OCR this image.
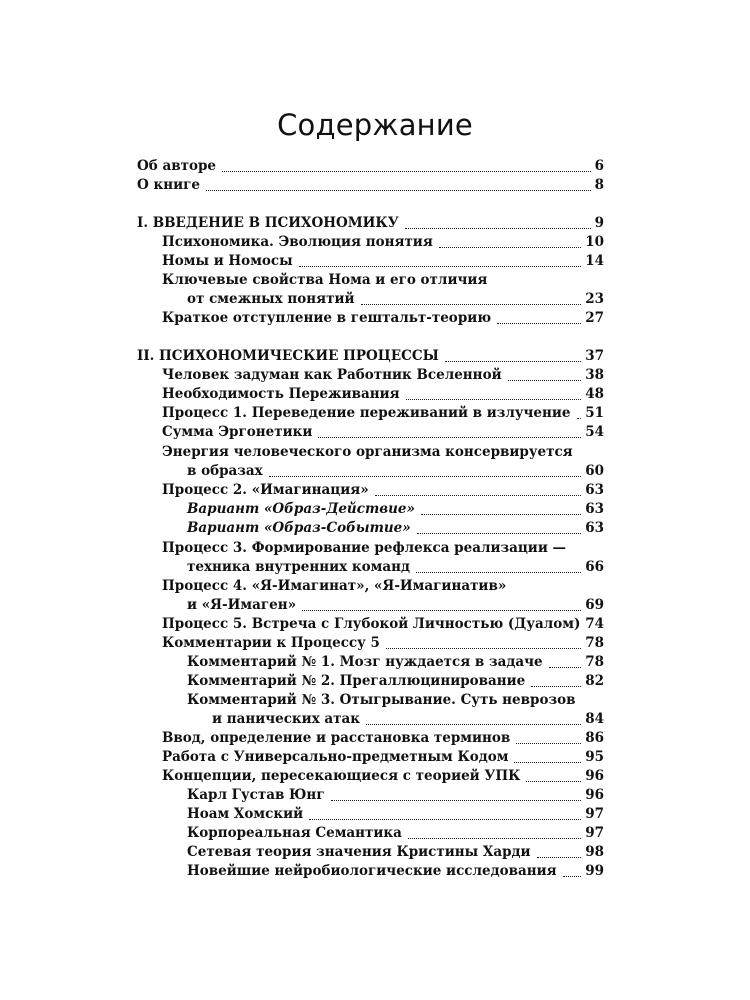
Содержание
Об авторе	6
О книге	8
I. ВВЕДЕНИЕ В ПСИХОНОМИКУ	9
Психономика. Эволюция понятия	10
Номы и Номосы	14
Ключевые свойства Нома и его отличия
от смежных понятий	23
Краткое отступление в гештальт-теорию	27
II. ПСИХОНОМИЧЕСКИЕ ПРОЦЕССЫ	37
Человек задуман как Работник Вселенной	38
Необходимость Переживания	48
Процесс 1. Переведение переживаний в излучение 51
Сумма Эргонетики	54
Энергия человеческого организма консервируется
в образах	60
Процесс 2. «Имагинация»	63
Вариант «Образ-Действие»	63
Вариант «Образ-Событие»	63
Процесс 3. Формирование рефлекса реализации —
техника внутренних команд	66
Процесс 4. «Я-Имагинат», «Я-Имагинатив»
и «Я-Имаген»	69
Процесс 5. Встреча с Глубокой Личностью (Дуалом) 74
Комментарии к Процессу 5	78
Комментарий № 1. Мозг нуждается в задаче	78
Комментарий № 2. Прегаллюцинирование	82
Комментарий № 3. Отыгрывание. Суть неврозов
и панических атак	84
Ввод, определение и расстановка терминов	86
Работа с Универсально-предметным Кодом	95
Концепции, пересекающиеся с теорией УПК	96
Карл Густав Юнг	96
Ноам Хомский	97
Корпореальная Семантика	97
Сетевая теория значения Кристины Харди	98
Новейшие нейробиологические исследования 99
